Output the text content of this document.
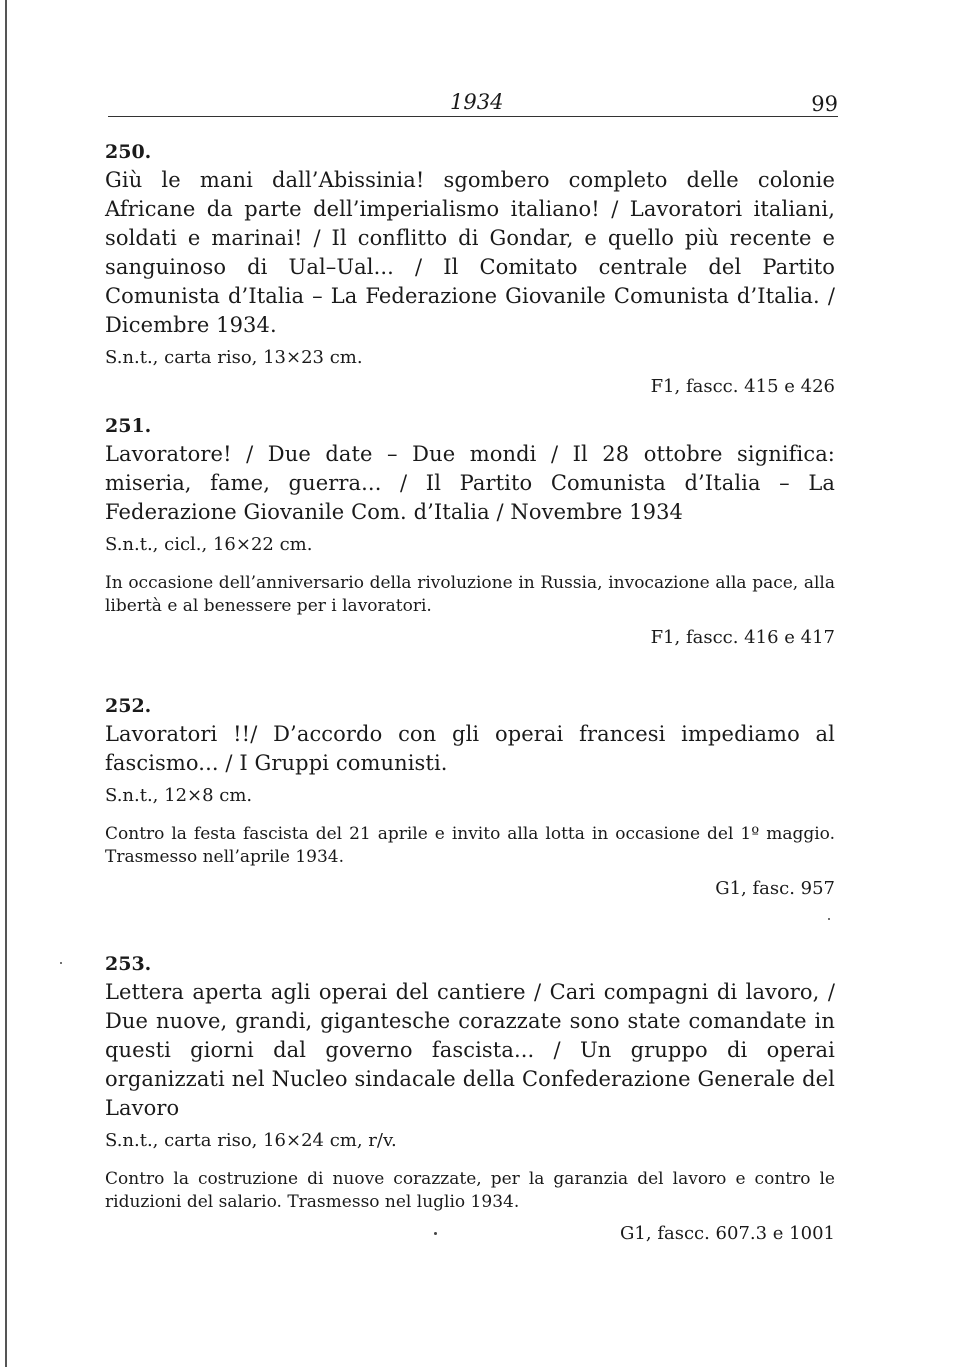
1934	99

250.

Giù le mani dall’Abissinia! sgombero completo delle colonie Africane da parte dell’imperialismo italiano! / Lavoratori italiani, soldati e marinai! / Il conflitto di Gondar, e quello più recente e sanguinoso di Ual–Ual... / Il Comitato centrale del Partito Comunista d’Italia – La Federazione Giovanile Comunista d’Italia. / Dicembre 1934.

S.n.t., carta riso, 13×23 cm.

F1, fascc. 415 e 426

251.

Lavoratore! / Due date – Due mondi / Il 28 ottobre significa: miseria, fame, guerra... / Il Partito Comunista d’Italia – La Federazione Giovanile Com. d’Italia / Novembre 1934

S.n.t., cicl., 16×22 cm.

In occasione dell’anniversario della rivoluzione in Russia, invocazione alla pace, alla libertà e al benessere per i lavoratori.

F1, fascc. 416 e 417

252.

Lavoratori !!/ D’accordo con gli operai francesi impediamo al fascismo... / I Gruppi comunisti.

S.n.t., 12×8 cm.

Contro la festa fascista del 21 aprile e invito alla lotta in occasione del 1º maggio. Trasmesso nell’aprile 1934.

G1, fasc. 957

253.

Lettera aperta agli operai del cantiere / Cari compagni di lavoro, / Due nuove, grandi, gigantesche corazzate sono state comandate in questi giorni dal governo fascista... / Un gruppo di operai organizzati nel Nucleo sindacale della Confederazione Generale del Lavoro

S.n.t., carta riso, 16×24 cm, r/v.

Contro la costruzione di nuove corazzate, per la garanzia del lavoro e contro le riduzioni del salario. Trasmesso nel luglio 1934.

G1, fascc. 607.3 e 1001
